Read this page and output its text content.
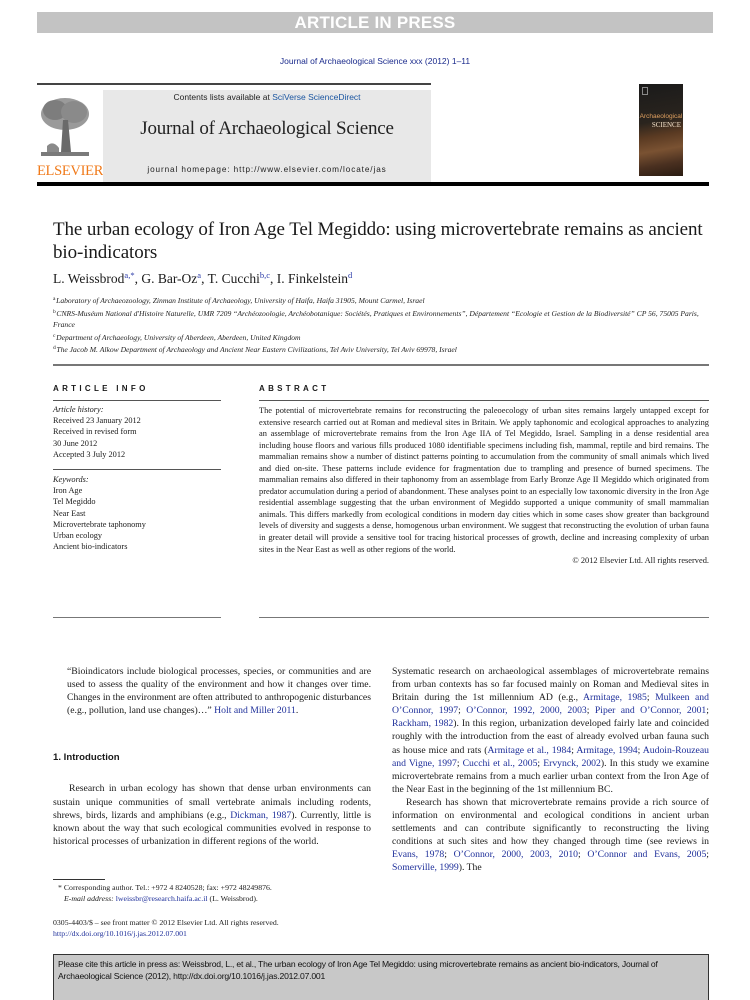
ARTICLE IN PRESS
Journal of Archaeological Science xxx (2012) 1–11
ELSEVIER
Contents lists available at SciVerse ScienceDirect
Journal of Archaeological Science
journal homepage: http://www.elsevier.com/locate/jas
Archaeological
SCIENCE
The urban ecology of Iron Age Tel Megiddo: using microvertebrate remains as ancient bio-indicators
L. Weissbrod$^{a,*}$, G. Bar-Oz$^a$, T. Cucchi$^{b,c}$, I. Finkelstein$^d$
$^a$ Laboratory of Archaeozoology, Zinman Institute of Archaeology, University of Haifa, Haifa 31905, Mount Carmel, Israel
$^b$ CNRS-Muséum National d'Histoire Naturelle, UMR 7209 “Archéozoologie, Archéobotanique: Sociétés, Pratiques et Environnements”, Département “Ecologie et Gestion de la Biodiversité” CP 56, 75005 Paris, France
$^c$ Department of Archaeology, University of Aberdeen, Aberdeen, United Kingdom
$^d$ The Jacob M. Alkow Department of Archaeology and Ancient Near Eastern Civilizations, Tel Aviv University, Tel Aviv 69978, Israel
ARTICLE INFO	ABSTRACT
Article history:
Received 23 January 2012
Received in revised form
30 June 2012
Accepted 3 July 2012
Keywords:
Iron Age
Tel Megiddo
Near East
Microvertebrate taphonomy
Urban ecology
Ancient bio-indicators
The potential of microvertebrate remains for reconstructing the paleoecology of urban sites remains largely untapped except for extensive research carried out at Roman and medieval sites in Britain. We apply taphonomic and ecological approaches to analyzing an assemblage of microvertebrate remains from the Iron Age IIA of Tel Megiddo, Israel. Sampling in a dense residential area including house floors and various fills produced 1080 identifiable specimens including fish, mammal, reptile and bird remains. The mammalian remains show a number of distinct patterns pointing to accumulation from the community of small animals which lived and died on-site. These patterns include evidence for fragmentation due to trampling and presence of burned specimens. The mammalian remains also differed in their taphonomy from an assemblage from Early Bronze Age II Megiddo which originated from predator accumulation during a period of abandonment. These analyses point to an especially low taxonomic diversity in the Iron Age residential assemblage suggesting that the urban environment of Megiddo supported a unique community of small mammalian animals. This differs markedly from ecological conditions in modern day cities which in some cases show greater than background levels of diversity and suggests a dense, homogenous urban environment. We suggest that reconstructing the evolution of urban fauna in greater detail will provide a sensitive tool for tracing historical processes of growth, decline and increasing complexity of urban sites in the Near East as well as other regions of the world.
© 2012 Elsevier Ltd. All rights reserved.
“Bioindicators include biological processes, species, or communities and are used to assess the quality of the environment and how it changes over time. Changes in the environment are often attributed to anthropogenic disturbances (e.g., pollution, land use changes)…” Holt and Miller 2011.
1. Introduction

Research in urban ecology has shown that dense urban environments can sustain unique communities of small vertebrate animals including rodents, shrews, birds, lizards and amphibians (e.g., Dickman, 1987). Currently, little is known about the way that such ecological communities evolved in response to historical processes of urbanization in different regions of the world.

* Corresponding author. Tel.: +972 4 8240528; fax: +972 48249876.
E-mail address: lweissbr@research.haifa.ac.il (L. Weissbrod).
0305-4403/$ – see front matter © 2012 Elsevier Ltd. All rights reserved.
http://dx.doi.org/10.1016/j.jas.2012.07.001

Systematic research on archaeological assemblages of microvertebrate remains from urban contexts has so far focused mainly on Roman and Medieval sites in Britain during the 1st millennium AD (e.g., Armitage, 1985; Mulkeen and O’Connor, 1997; O’Connor, 1992, 2000, 2003; Piper and O’Connor, 2001; Rackham, 1982). In this region, urbanization developed fairly late and coincided roughly with the introduction from the east of already evolved urban fauna such as house mice and rats (Armitage et al., 1984; Armitage, 1994; Audoin-Rouzeau and Vigne, 1997; Cucchi et al., 2005; Ervynck, 2002). In this study we examine microvertebrate remains from a much earlier urban context from the Iron Age of the Near East in the beginning of the 1st millennium BC.

Research has shown that microvertebrate remains provide a rich source of information on environmental and ecological conditions in ancient urban settlements and can contribute significantly to reconstructing the living conditions at such sites and how they changed through time (see reviews in Evans, 1978; O’Connor, 2000, 2003, 2010; O’Connor and Evans, 2005; Somerville, 1999). The

Please cite this article in press as: Weissbrod, L., et al., The urban ecology of Iron Age Tel Megiddo: using microvertebrate remains as ancient bio-indicators, Journal of Archaeological Science (2012), http://dx.doi.org/10.1016/j.jas.2012.07.001
